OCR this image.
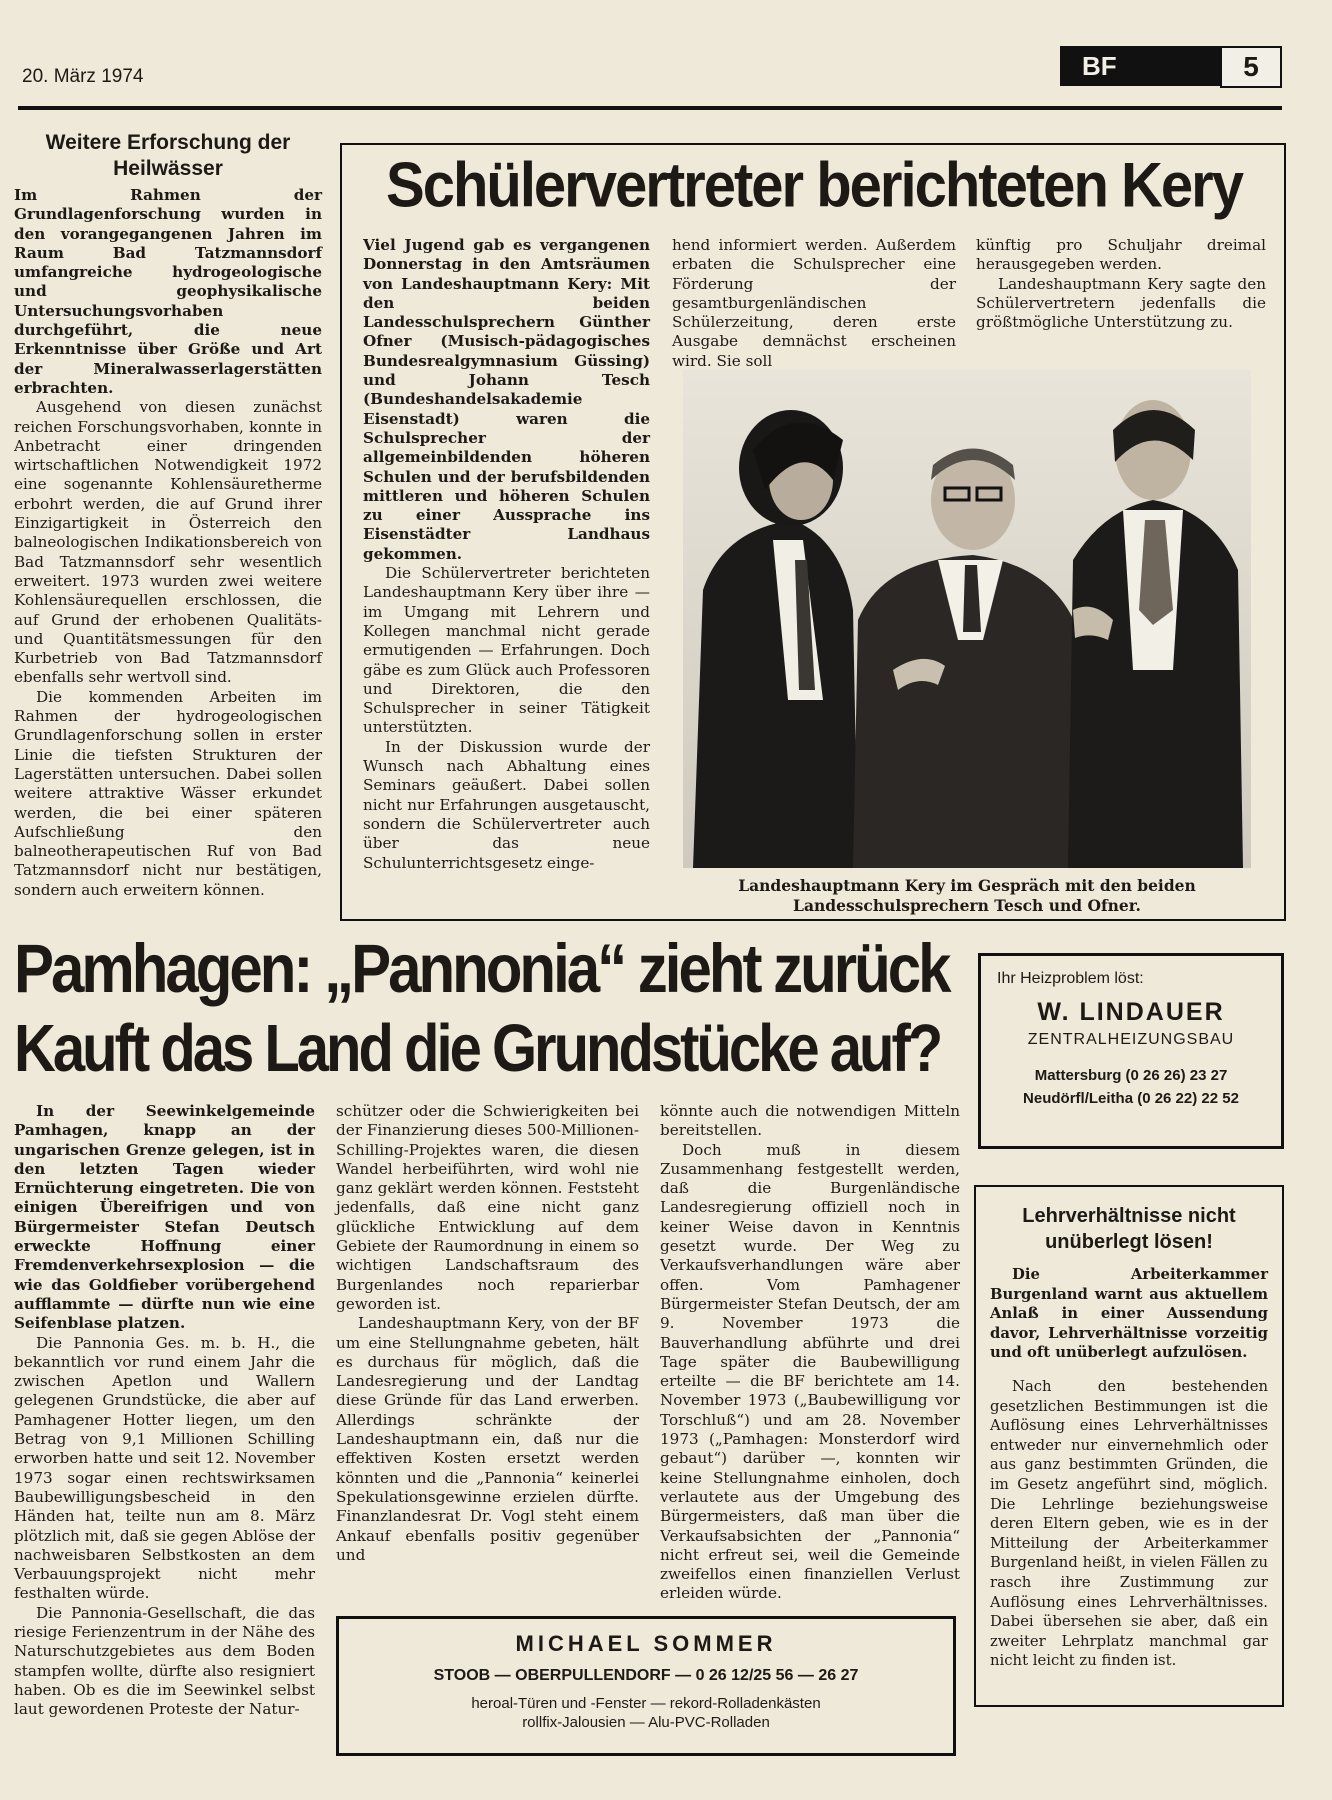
20. März 1974	BF	5
Weitere Erforschung der Heilwässer

Im Rahmen der Grundlagenforschung wurden in den vorangegangenen Jahren im Raum Bad Tatzmannsdorf umfangreiche hydrogeologische und geophysikalische Untersuchungsvorhaben durchgeführt, die neue Erkenntnisse über Größe und Art der Mineralwasserlagerstätten erbrachten.

Ausgehend von diesen zunächst reichen Forschungsvorhaben, konnte in Anbetracht einer dringenden wirtschaftlichen Notwendigkeit 1972 eine sogenannte Kohlensäuretherme erbohrt werden, die auf Grund ihrer Einzigartigkeit in Österreich den balneologischen Indikationsbereich von Bad Tatzmannsdorf sehr wesentlich erweitert. 1973 wurden zwei weitere Kohlensäurequellen erschlossen, die auf Grund der erhobenen Qualitäts- und Quantitätsmessungen für den Kurbetrieb von Bad Tatzmannsdorf ebenfalls sehr wertvoll sind.

Die kommenden Arbeiten im Rahmen der hydrogeologischen Grundlagenforschung sollen in erster Linie die tiefsten Strukturen der Lagerstätten untersuchen. Dabei sollen weitere attraktive Wässer erkundet werden, die bei einer späteren Aufschließung den balneotherapeutischen Ruf von Bad Tatzmannsdorf nicht nur bestätigen, sondern auch erweitern können.

Schülervertreter berichteten Kery

Viel Jugend gab es vergangenen Donnerstag in den Amtsräumen von Landeshauptmann Kery: Mit den beiden Landesschulsprechern Günther Ofner (Musisch-pädagogisches Bundesrealgymnasium Güssing) und Johann Tesch (Bundeshandelsakademie Eisenstadt) waren die Schulsprecher der allgemeinbildenden höheren Schulen und der berufsbildenden mittleren und höheren Schulen zu einer Aussprache ins Eisenstädter Landhaus gekommen.

Die Schülervertreter berichteten Landeshauptmann Kery über ihre — im Umgang mit Lehrern und Kollegen manchmal nicht gerade ermutigenden — Erfahrungen. Doch gäbe es zum Glück auch Professoren und Direktoren, die den Schulsprecher in seiner Tätigkeit unterstützten.

In der Diskussion wurde der Wunsch nach Abhaltung eines Seminars geäußert. Dabei sollen nicht nur Erfahrungen ausgetauscht, sondern die Schülervertreter auch über das neue Schulunterrichtsgesetz einge-

hend informiert werden. Außerdem erbaten die Schulsprecher eine Förderung der gesamtburgenländischen Schülerzeitung, deren erste Ausgabe demnächst erscheinen wird. Sie soll

künftig pro Schuljahr dreimal herausgegeben werden.

Landeshauptmann Kery sagte den Schülervertretern jedenfalls die größtmögliche Unterstützung zu.

Landeshauptmann Kery im Gespräch mit den beiden Landesschulsprechern Tesch und Ofner.
Pamhagen: „Pannonia“ zieht zurück
Kauft das Land die Grundstücke auf?

In der Seewinkelgemeinde Pamhagen, knapp an der ungarischen Grenze gelegen, ist in den letzten Tagen wieder Ernüchterung eingetreten. Die von einigen Übereifrigen und von Bürgermeister Stefan Deutsch erweckte Hoffnung einer Fremdenverkehrsexplosion — die wie das Goldfieber vorübergehend aufflammte — dürfte nun wie eine Seifenblase platzen.

Die Pannonia Ges. m. b. H., die bekanntlich vor rund einem Jahr die zwischen Apetlon und Wallern gelegenen Grundstücke, die aber auf Pamhagener Hotter liegen, um den Betrag von 9,1 Millionen Schilling erworben hatte und seit 12. November 1973 sogar einen rechtswirksamen Baubewilligungsbescheid in den Händen hat, teilte nun am 8. März plötzlich mit, daß sie gegen Ablöse der nachweisbaren Selbstkosten an dem Verbauungsprojekt nicht mehr festhalten würde.

Die Pannonia-Gesellschaft, die das riesige Ferienzentrum in der Nähe des Naturschutzgebietes aus dem Boden stampfen wollte, dürfte also resigniert haben. Ob es die im Seewinkel selbst laut gewordenen Proteste der Natur-

schützer oder die Schwierigkeiten bei der Finanzierung dieses 500-Millionen-Schilling-Projektes waren, die diesen Wandel herbeiführten, wird wohl nie ganz geklärt werden können. Feststeht jedenfalls, daß eine nicht ganz glückliche Entwicklung auf dem Gebiete der Raumordnung in einem so wichtigen Landschaftsraum des Burgenlandes noch reparierbar geworden ist.

Landeshauptmann Kery, von der BF um eine Stellungnahme gebeten, hält es durchaus für möglich, daß die Landesregierung und der Landtag diese Gründe für das Land erwerben. Allerdings schränkte der Landeshauptmann ein, daß nur die effektiven Kosten ersetzt werden könnten und die „Pannonia“ keinerlei Spekulationsgewinne erzielen dürfte. Finanzlandesrat Dr. Vogl steht einem Ankauf ebenfalls positiv gegenüber und

könnte auch die notwendigen Mitteln bereitstellen.

Doch muß in diesem Zusammenhang festgestellt werden, daß die Burgenländische Landesregierung offiziell noch in keiner Weise davon in Kenntnis gesetzt wurde. Der Weg zu Verkaufsverhandlungen wäre aber offen. Vom Pamhagener Bürgermeister Stefan Deutsch, der am 9. November 1973 die Bauverhandlung abführte und drei Tage später die Baubewilligung erteilte — die BF berichtete am 14. November 1973 („Baubewilligung vor Torschluß“) und am 28. November 1973 („Pamhagen: Monsterdorf wird gebaut“) darüber —, konnten wir keine Stellungnahme einholen, doch verlautete aus der Umgebung des Bürgermeisters, daß man über die Verkaufsabsichten der „Pannonia“ nicht erfreut sei, weil die Gemeinde zweifellos einen finanziellen Verlust erleiden würde.

Ihr Heizproblem löst:
W. LINDAUER
ZENTRALHEIZUNGSBAU
Mattersburg (0 26 26) 23 27
Neudörfl/Leitha (0 26 22) 22 52
Lehrverhältnisse nicht unüberlegt lösen!

Die Arbeiterkammer Burgenland warnt aus aktuellem Anlaß in einer Aussendung davor, Lehrverhältnisse vorzeitig und oft unüberlegt aufzulösen.

Nach den bestehenden gesetzlichen Bestimmungen ist die Auflösung eines Lehrverhältnisses entweder nur einvernehmlich oder aus ganz bestimmten Gründen, die im Gesetz angeführt sind, möglich. Die Lehrlinge beziehungsweise deren Eltern geben, wie es in der Mitteilung der Arbeiterkammer Burgenland heißt, in vielen Fällen zu rasch ihre Zustimmung zur Auflösung eines Lehrverhältnisses. Dabei übersehen sie aber, daß ein zweiter Lehrplatz manchmal gar nicht leicht zu finden ist.

MICHAEL SOMMER
STOOB — OBERPULLENDORF — 0 26 12/25 56 — 26 27
heroal-Türen und -Fenster — rekord-Rolladenkästen
rollfix-Jalousien — Alu-PVC-Rolladen
